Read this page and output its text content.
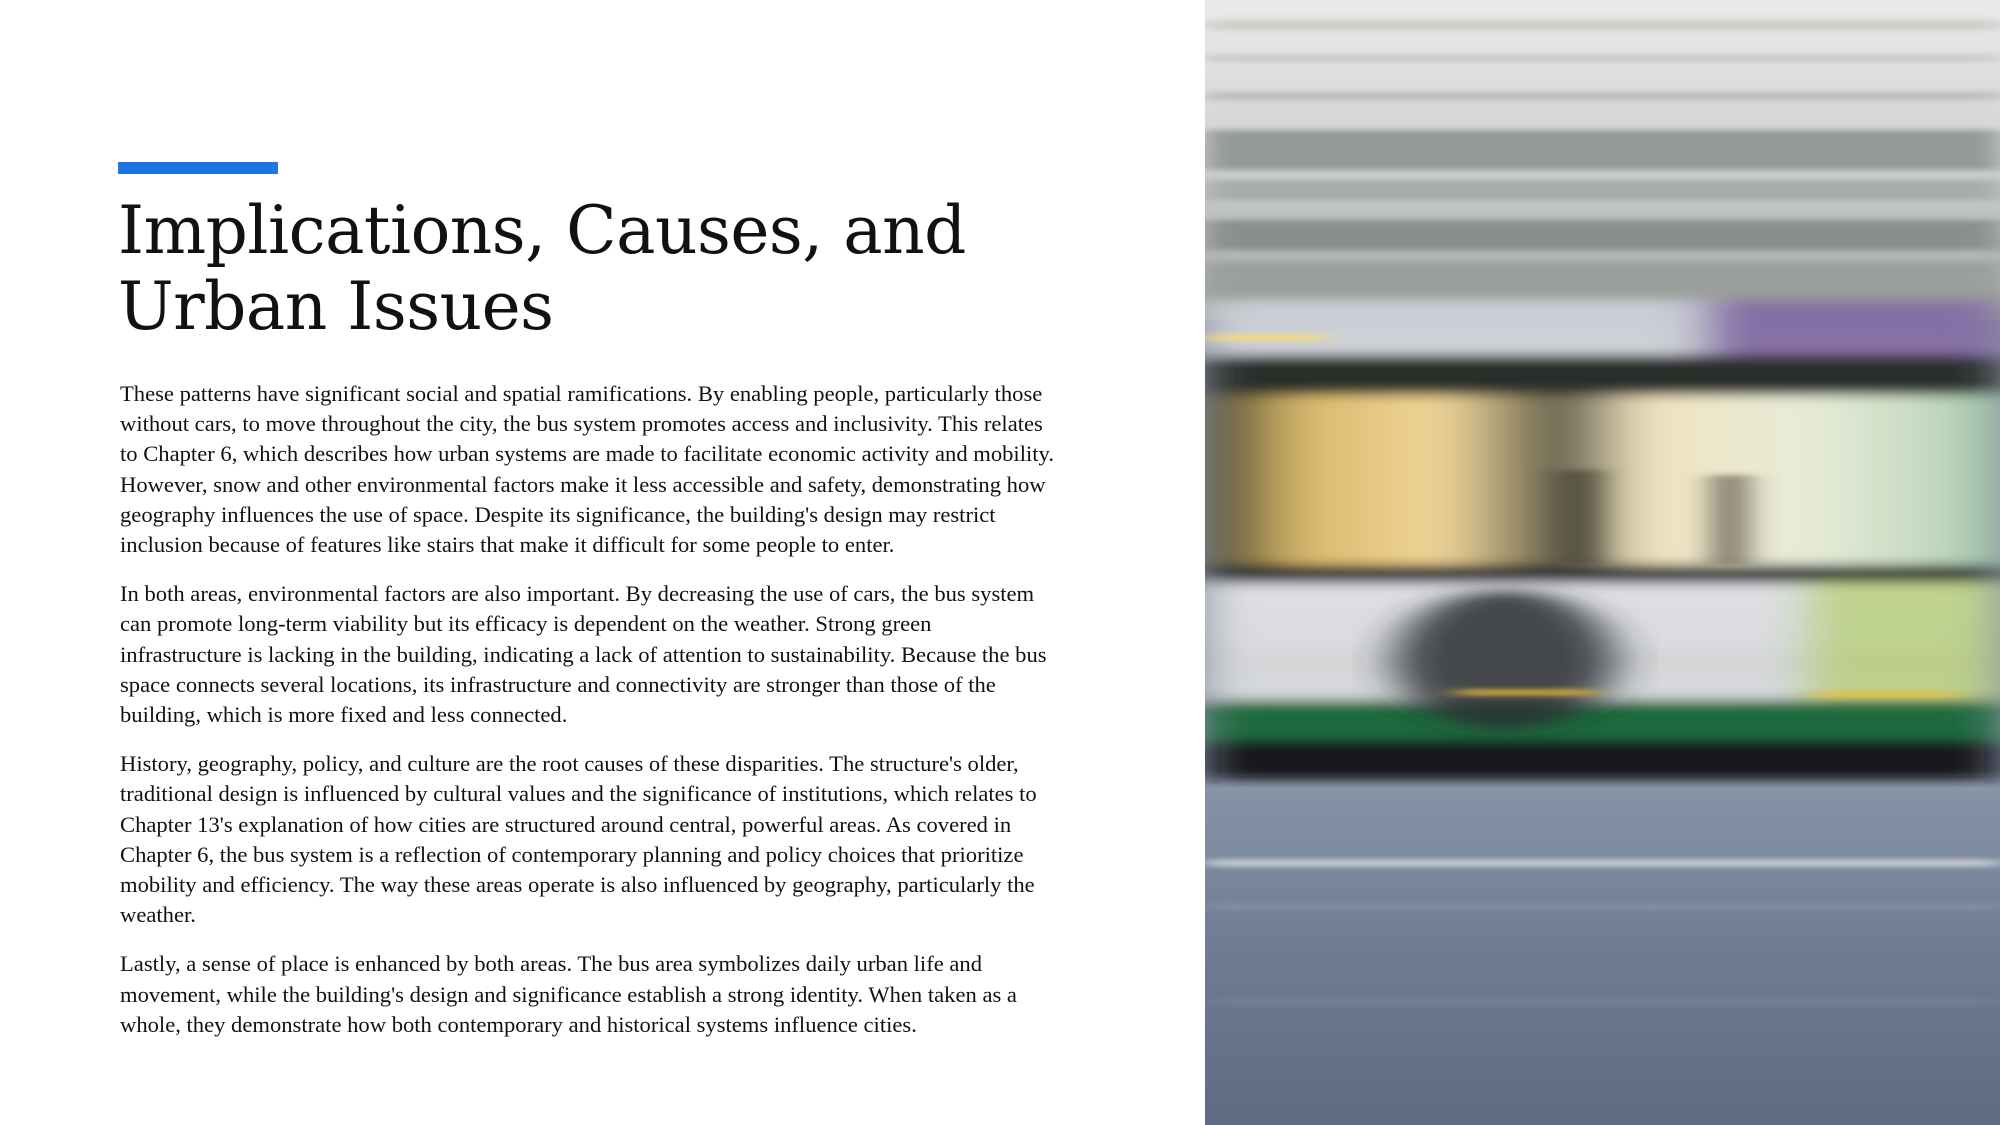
Implications, Causes, and Urban Issues

These patterns have significant social and spatial ramifications. By enabling people, particularly those without cars, to move throughout the city, the bus system promotes access and inclusivity. This relates to Chapter 6, which describes how urban systems are made to facilitate economic activity and mobility. However, snow and other environmental factors make it less accessible and safety, demonstrating how geography influences the use of space. Despite its significance, the building's design may restrict inclusion because of features like stairs that make it difficult for some people to enter.

In both areas, environmental factors are also important. By decreasing the use of cars, the bus system can promote long-term viability but its efficacy is dependent on the weather. Strong green infrastructure is lacking in the building, indicating a lack of attention to sustainability. Because the bus space connects several locations, its infrastructure and connectivity are stronger than those of the building, which is more fixed and less connected.

History, geography, policy, and culture are the root causes of these disparities. The structure's older, traditional design is influenced by cultural values and the significance of institutions, which relates to Chapter 13's explanation of how cities are structured around central, powerful areas. As covered in Chapter 6, the bus system is a reflection of contemporary planning and policy choices that prioritize mobility and efficiency. The way these areas operate is also influenced by geography, particularly the weather.

Lastly, a sense of place is enhanced by both areas. The bus area symbolizes daily urban life and movement, while the building's design and significance establish a strong identity. When taken as a whole, they demonstrate how both contemporary and historical systems influence cities.
